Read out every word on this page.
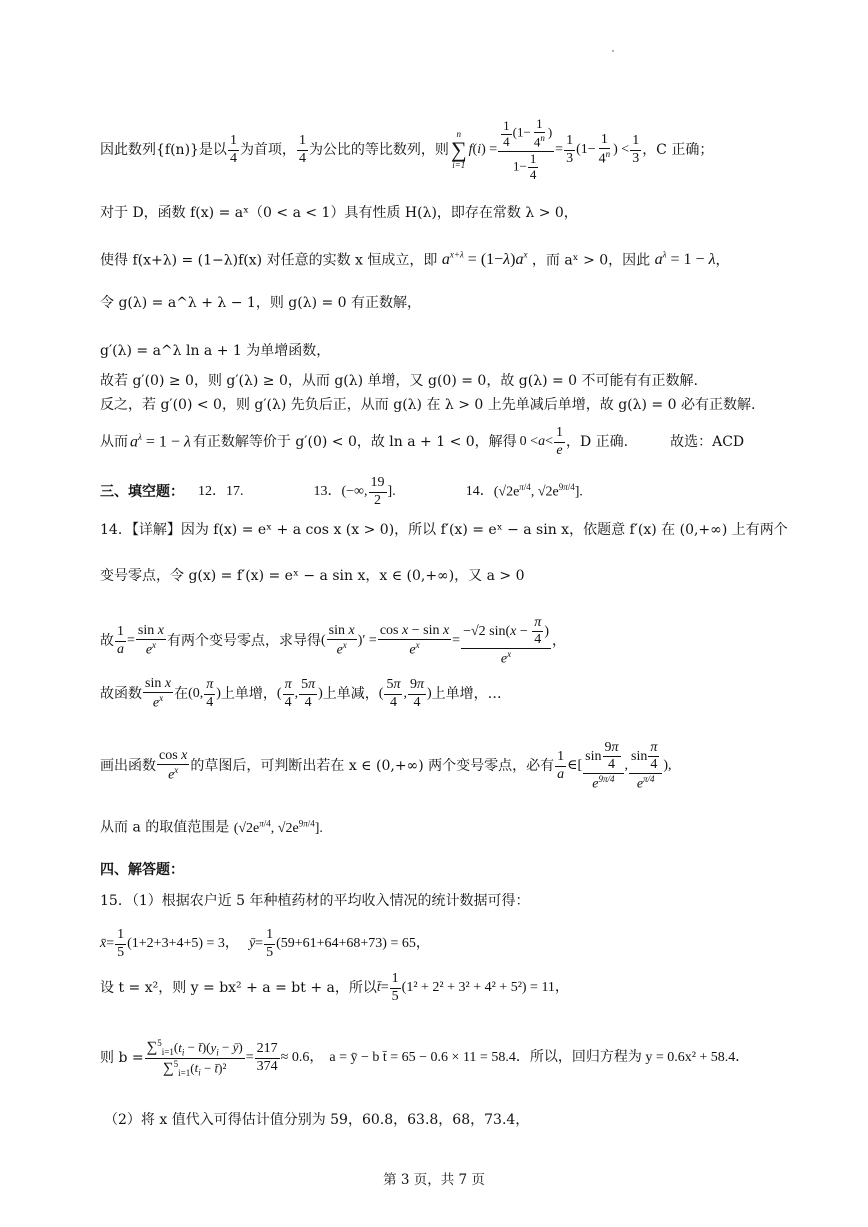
因此数列{f(n)}是以 $\frac{1}{4}$ 为首项， $\frac{1}{4}$ 为公比的等比数列，则
n
∑
i=1
f ( i ) = $\frac{\frac{1}{4} (1- \frac{1}{4^n} )}{1- \frac{1}{4}} = \frac{1}{3} (1- \frac{1}{4^n}$ ) < $\frac{1}{3}$ ，C 正确；
对于 D，函数 f(x) = aˣ（0 < a < 1）具有性质 H(λ)，即存在常数 λ > 0，
使得 f(x+λ) = (1−λ)f(x) 对任意的实数 x 恒成立，即 $a^{x+\lambda} = (1-\lambda)a^x$ ，而 aˣ > 0，因此 $a^\lambda = 1 - \lambda$，
令 g(λ) = a^λ + λ − 1，则 g(λ) = 0 有正数解，
g′(λ) = a^λ ln a + 1 为单增函数，
故若 g′(0) ≥ 0，则 g′(λ) ≥ 0，从而 g(λ) 单增，又 g(0) = 0，故 g(λ) = 0 不可能有有正数解.
反之，若 g′(0) < 0，则 g′(λ) 先负后正，从而 g(λ) 在 λ > 0 上先单减后单增，故 g(λ) = 0 必有正数解.
从而 $a^\lambda = 1 - \lambda$ 有正数解等价于 g′(0) < 0，故 ln a + 1 < 0，解得 $0 < a < \frac{1}{e}$ ，D 正确.	故选：ACD
三、填空题： 12．17.	13． (−∞, $\frac{19}{2}$ ].	14． ($√2e^{\pi/4}$, $√2e^{9\pi/4}$].
14．【详解】因为 f(x) = eˣ + a cos x (x > 0)，所以 f′(x) = eˣ − a sin x，依题意 f′(x) 在 (0,+∞) 上有两个
变号零点，令 g(x) = f′(x) = eˣ − a sin x，x ∈ (0,+∞)，又 a > 0
故 $\frac{1}{a} = \frac{\text{sin x}}{e^x}$ 有两个变号零点，求导得 ( $\frac{\text{sin x}}{e^x}$ )′ = $\frac{\text{cos x − sin x}}{e^x} = \frac{-√2 \sin(x - \frac{\pi}{4} )}{e^x}$ ，
故函数 $\frac{\text{sin x}}{e^x}$ 在 (0, $\frac{\pi}{4}$ ) 上单增， ( $\frac{\pi}{4}$ , $\frac{5\pi}{4}$ ) 上单减， ( $\frac{5\pi}{4}$ , $\frac{9\pi}{4}$ ) 上单增，…
画出函数 $\frac{\text{cos x}}{e^x}$ 的草图后，可判断出若在 x ∈ (0,+∞) 两个变号零点，必有 $\frac{1}{a}$ ∈[ $\frac{\sin \frac{9\pi}{4}}{e^{9\pi/4}}$ , $\frac{\sin \frac{\pi}{4}}{e^{\pi/4}}$ ),
从而 a 的取值范围是 ($√2e^{\pi/4}$, $√2e^{9\pi/4}$].
四、解答题：
15．（1）根据农户近 5 年种植药材的平均收入情况的统计数据可得：
x̄ = $\frac{1}{5} (1+2+3+4+5) = 3$， ȳ = $\frac{1}{5} (59+61+64+68+73) = 65$，
设 t = x²，则 y = bx² + a = bt + a，所以 t̄ = $\frac{1}{5} (1^2 + 2^2 + 3^2 + 4^2 + 5^2) = 11$，
则 $b = \frac{\sum^5_{i=1}(t_i - t̄)(y_i - ȳ)}{\sum^5_{i=1}(t_i - t̄)^2} = \frac{217}{374} \approx 0.6$， a = ȳ − b t̄ = 65 − 0.6 × 11 = 58.4．所以，回归方程为 y = 0.6x² + 58.4．
（2）将 x 值代入可得估计值分别为 59，60.8，63.8，68，73.4，
第 3 页，共 7 页
